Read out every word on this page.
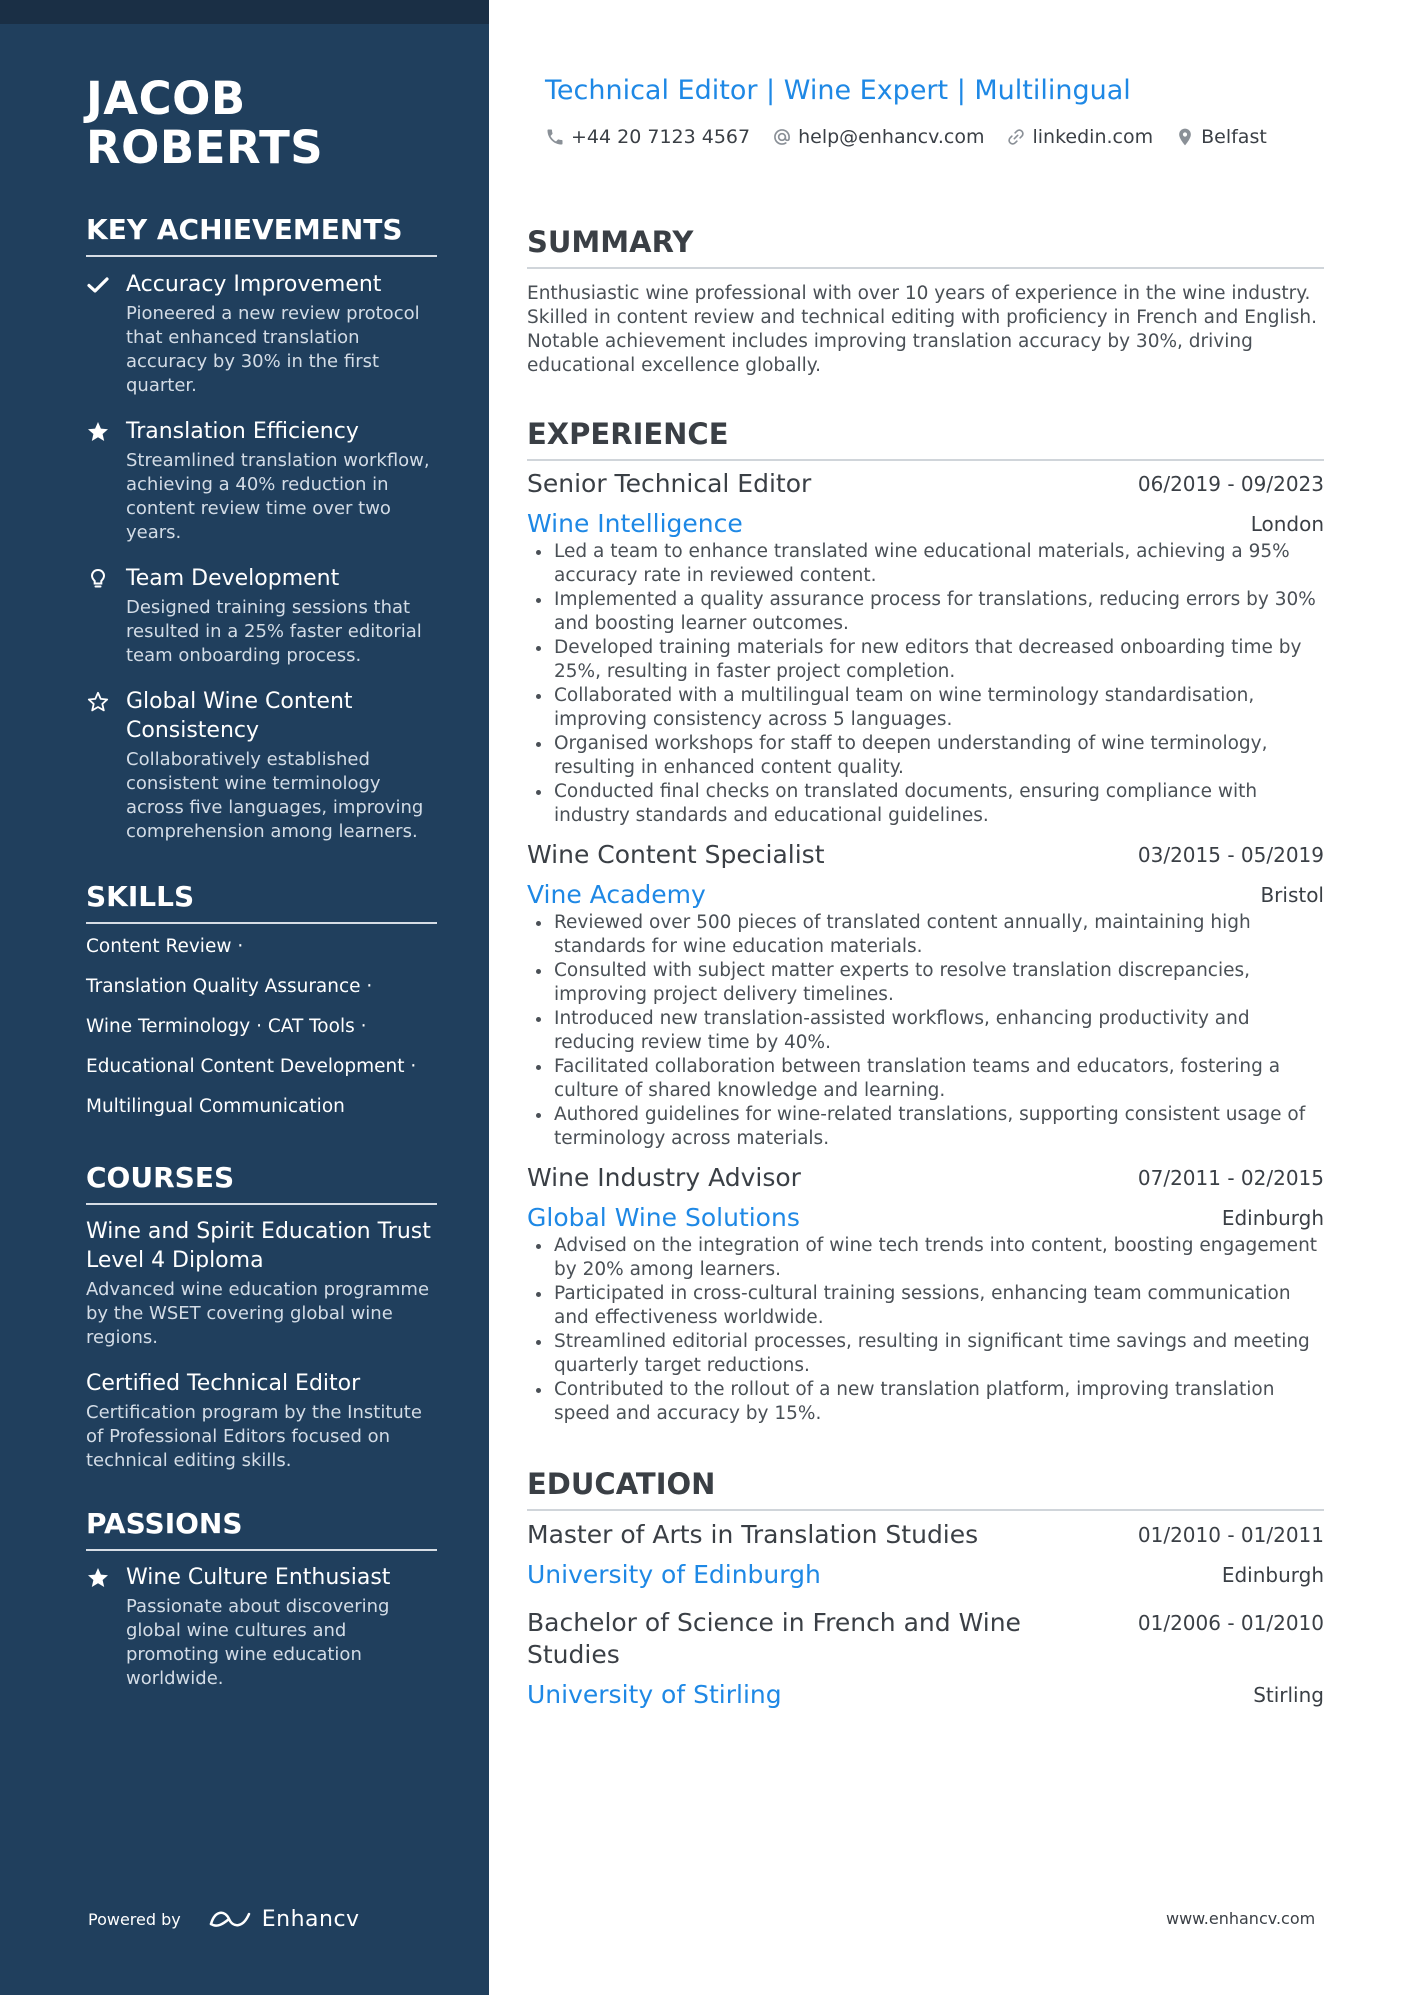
JACOB
ROBERTS
KEY ACHIEVEMENTS
Accuracy Improvement
Pioneered a new review protocol that enhanced translation accuracy by 30% in the first quarter.
Translation Efficiency
Streamlined translation workflow, achieving a 40% reduction in content review time over two years.
Team Development
Designed training sessions that resulted in a 25% faster editorial team onboarding process.
Global Wine Content Consistency
Collaboratively established consistent wine terminology across five languages, improving comprehension among learners.
SKILLS
Content Review ·
Translation Quality Assurance ·
Wine Terminology · CAT Tools ·
Educational Content Development ·
Multilingual Communication
COURSES
Wine and Spirit Education Trust Level 4 Diploma
Advanced wine education programme by the WSET covering global wine regions.
Certified Technical Editor
Certification program by the Institute of Professional Editors focused on technical editing skills.
PASSIONS
Wine Culture Enthusiast
Passionate about discovering global wine cultures and promoting wine education worldwide.
Powered by	Enhancv
Technical Editor | Wine Expert | Multilingual
+44 20 7123 4567	help@enhancv.com	linkedin.com	Belfast
SUMMARY
Enthusiastic wine professional with over 10 years of experience in the wine industry. Skilled in content review and technical editing with proficiency in French and English. Notable achievement includes improving translation accuracy by 30%, driving educational excellence globally.
EXPERIENCE
Senior Technical Editor	06/2019 - 09/2023
Wine Intelligence	London
Led a team to enhance translated wine educational materials, achieving a 95% accuracy rate in reviewed content.
Implemented a quality assurance process for translations, reducing errors by 30% and boosting learner outcomes.
Developed training materials for new editors that decreased onboarding time by 25%, resulting in faster project completion.
Collaborated with a multilingual team on wine terminology standardisation, improving consistency across 5 languages.
Organised workshops for staff to deepen understanding of wine terminology, resulting in enhanced content quality.
Conducted final checks on translated documents, ensuring compliance with industry standards and educational guidelines.
Wine Content Specialist	03/2015 - 05/2019
Vine Academy	Bristol
Reviewed over 500 pieces of translated content annually, maintaining high standards for wine education materials.
Consulted with subject matter experts to resolve translation discrepancies, improving project delivery timelines.
Introduced new translation-assisted workflows, enhancing productivity and reducing review time by 40%.
Facilitated collaboration between translation teams and educators, fostering a culture of shared knowledge and learning.
Authored guidelines for wine-related translations, supporting consistent usage of terminology across materials.
Wine Industry Advisor	07/2011 - 02/2015
Global Wine Solutions	Edinburgh
Advised on the integration of wine tech trends into content, boosting engagement by 20% among learners.
Participated in cross-cultural training sessions, enhancing team communication and effectiveness worldwide.
Streamlined editorial processes, resulting in significant time savings and meeting quarterly target reductions.
Contributed to the rollout of a new translation platform, improving translation speed and accuracy by 15%.
EDUCATION
Master of Arts in Translation Studies	01/2010 - 01/2011
University of Edinburgh	Edinburgh
Bachelor of Science in French and Wine Studies
01/2006 - 01/2010
University of Stirling	Stirling
www.enhancv.com
